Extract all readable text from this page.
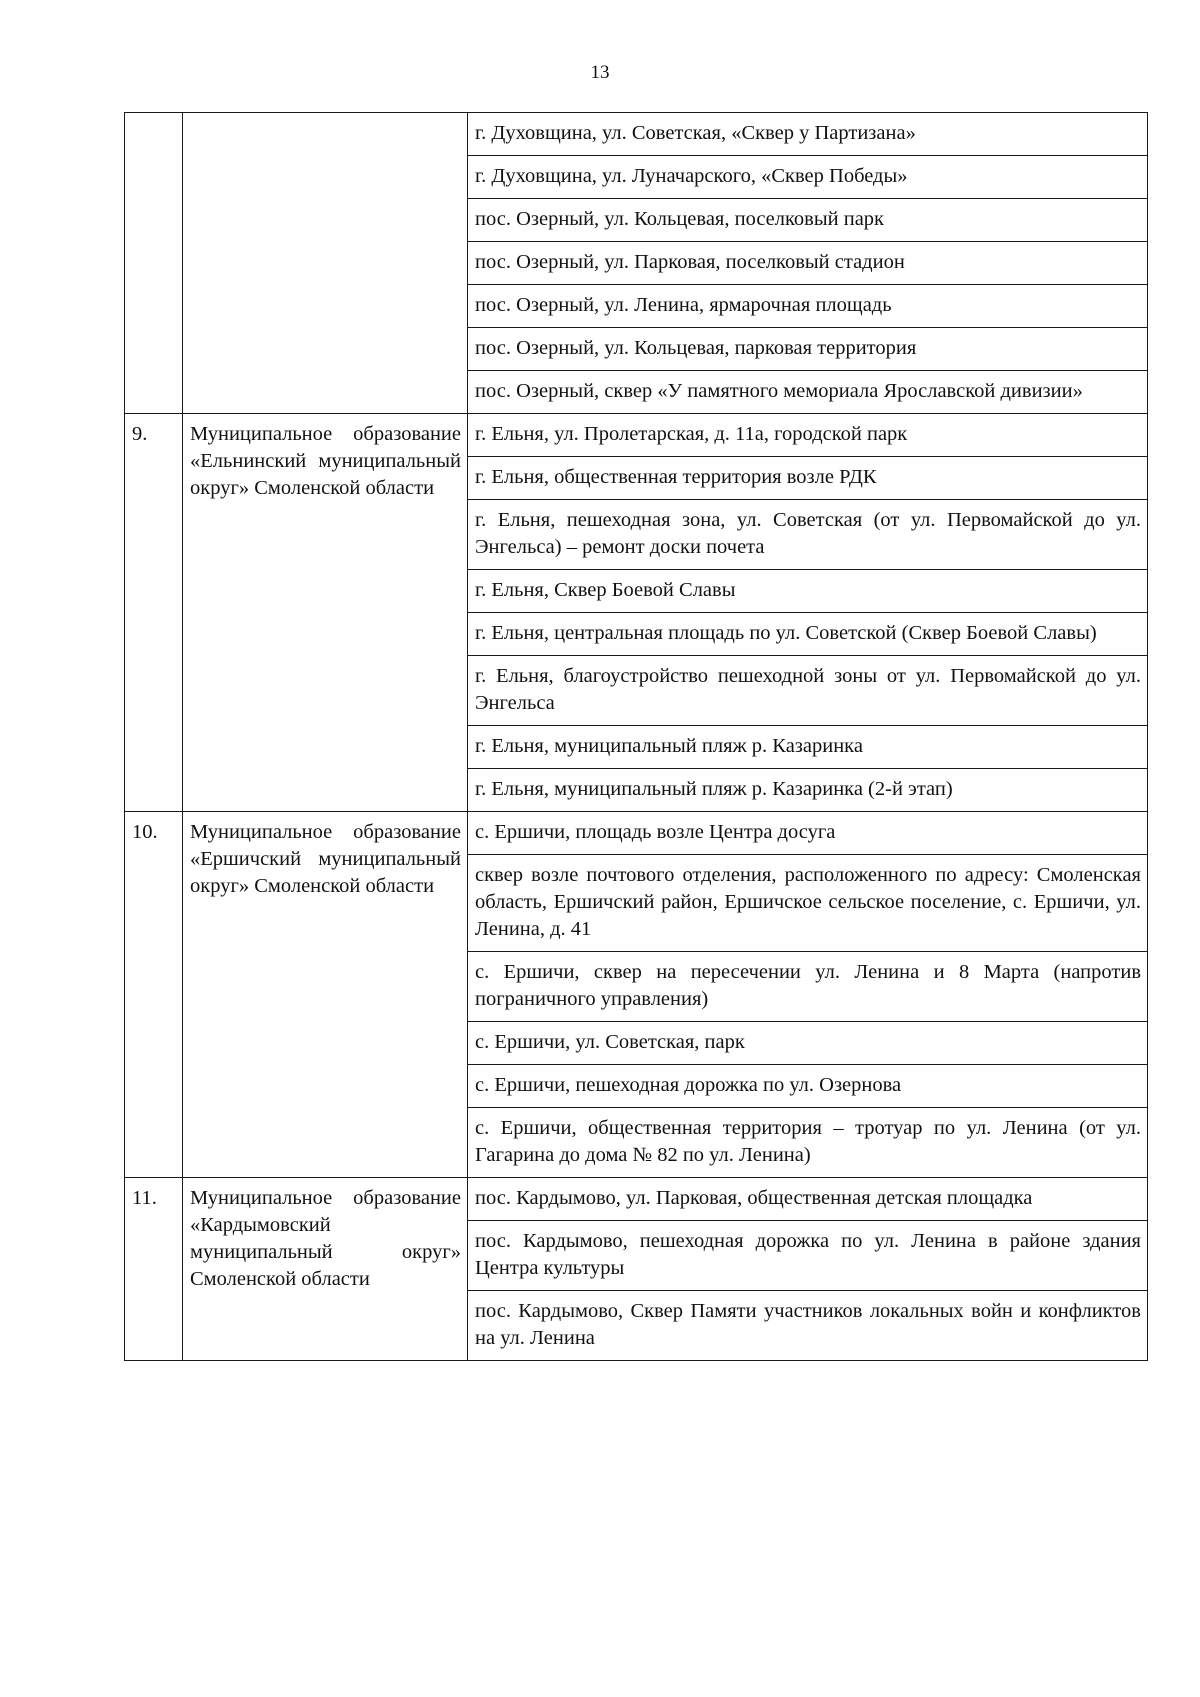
13
		г. Духовщина, ул. Советская, «Сквер у Партизана»
		г. Духовщина, ул. Луначарского, «Сквер Победы»
		пос. Озерный, ул. Кольцевая, поселковый парк
		пос. Озерный, ул. Парковая, поселковый стадион
		пос. Озерный, ул. Ленина, ярмарочная площадь
		пос. Озерный, ул. Кольцевая, парковая территория
		пос. Озерный, сквер «У памятного мемориала Ярославской дивизии»
9.	Муниципальное образование «Ельнинский муниципальный округ» Смоленской области	г. Ельня, ул. Пролетарская, д. 11а, городской парк
		г. Ельня, общественная территория возле РДК
		г. Ельня, пешеходная зона, ул. Советская (от ул. Первомайской до ул. Энгельса) – ремонт доски почета
		г. Ельня, Сквер Боевой Славы
		г. Ельня, центральная площадь по ул. Советской (Сквер Боевой Славы)
		г. Ельня, благоустройство пешеходной зоны от ул. Первомайской до ул. Энгельса
		г. Ельня, муниципальный пляж р. Казаринка
		г. Ельня, муниципальный пляж р. Казаринка (2-й этап)
10.	Муниципальное образование «Ершичский муниципальный округ» Смоленской области	с. Ершичи, площадь возле Центра досуга
		сквер возле почтового отделения, расположенного по адресу: Смоленская область, Ершичский район, Ершичское сельское поселение, с. Ершичи, ул. Ленина, д. 41
		с. Ершичи, сквер на пересечении ул. Ленина и 8 Марта (напротив пограничного управления)
		с. Ершичи, ул. Советская, парк
		с. Ершичи, пешеходная дорожка по ул. Озернова
		с. Ершичи, общественная территория – тротуар по ул. Ленина (от ул. Гагарина до дома № 82 по ул. Ленина)
11.	Муниципальное образование «Кардымовский муниципальный округ» Смоленской области	пос. Кардымово, ул. Парковая, общественная детская площадка
		пос. Кардымово, пешеходная дорожка по ул. Ленина в районе здания Центра культуры
		пос. Кардымово, Сквер Памяти участников локальных войн и конфликтов на ул. Ленина
